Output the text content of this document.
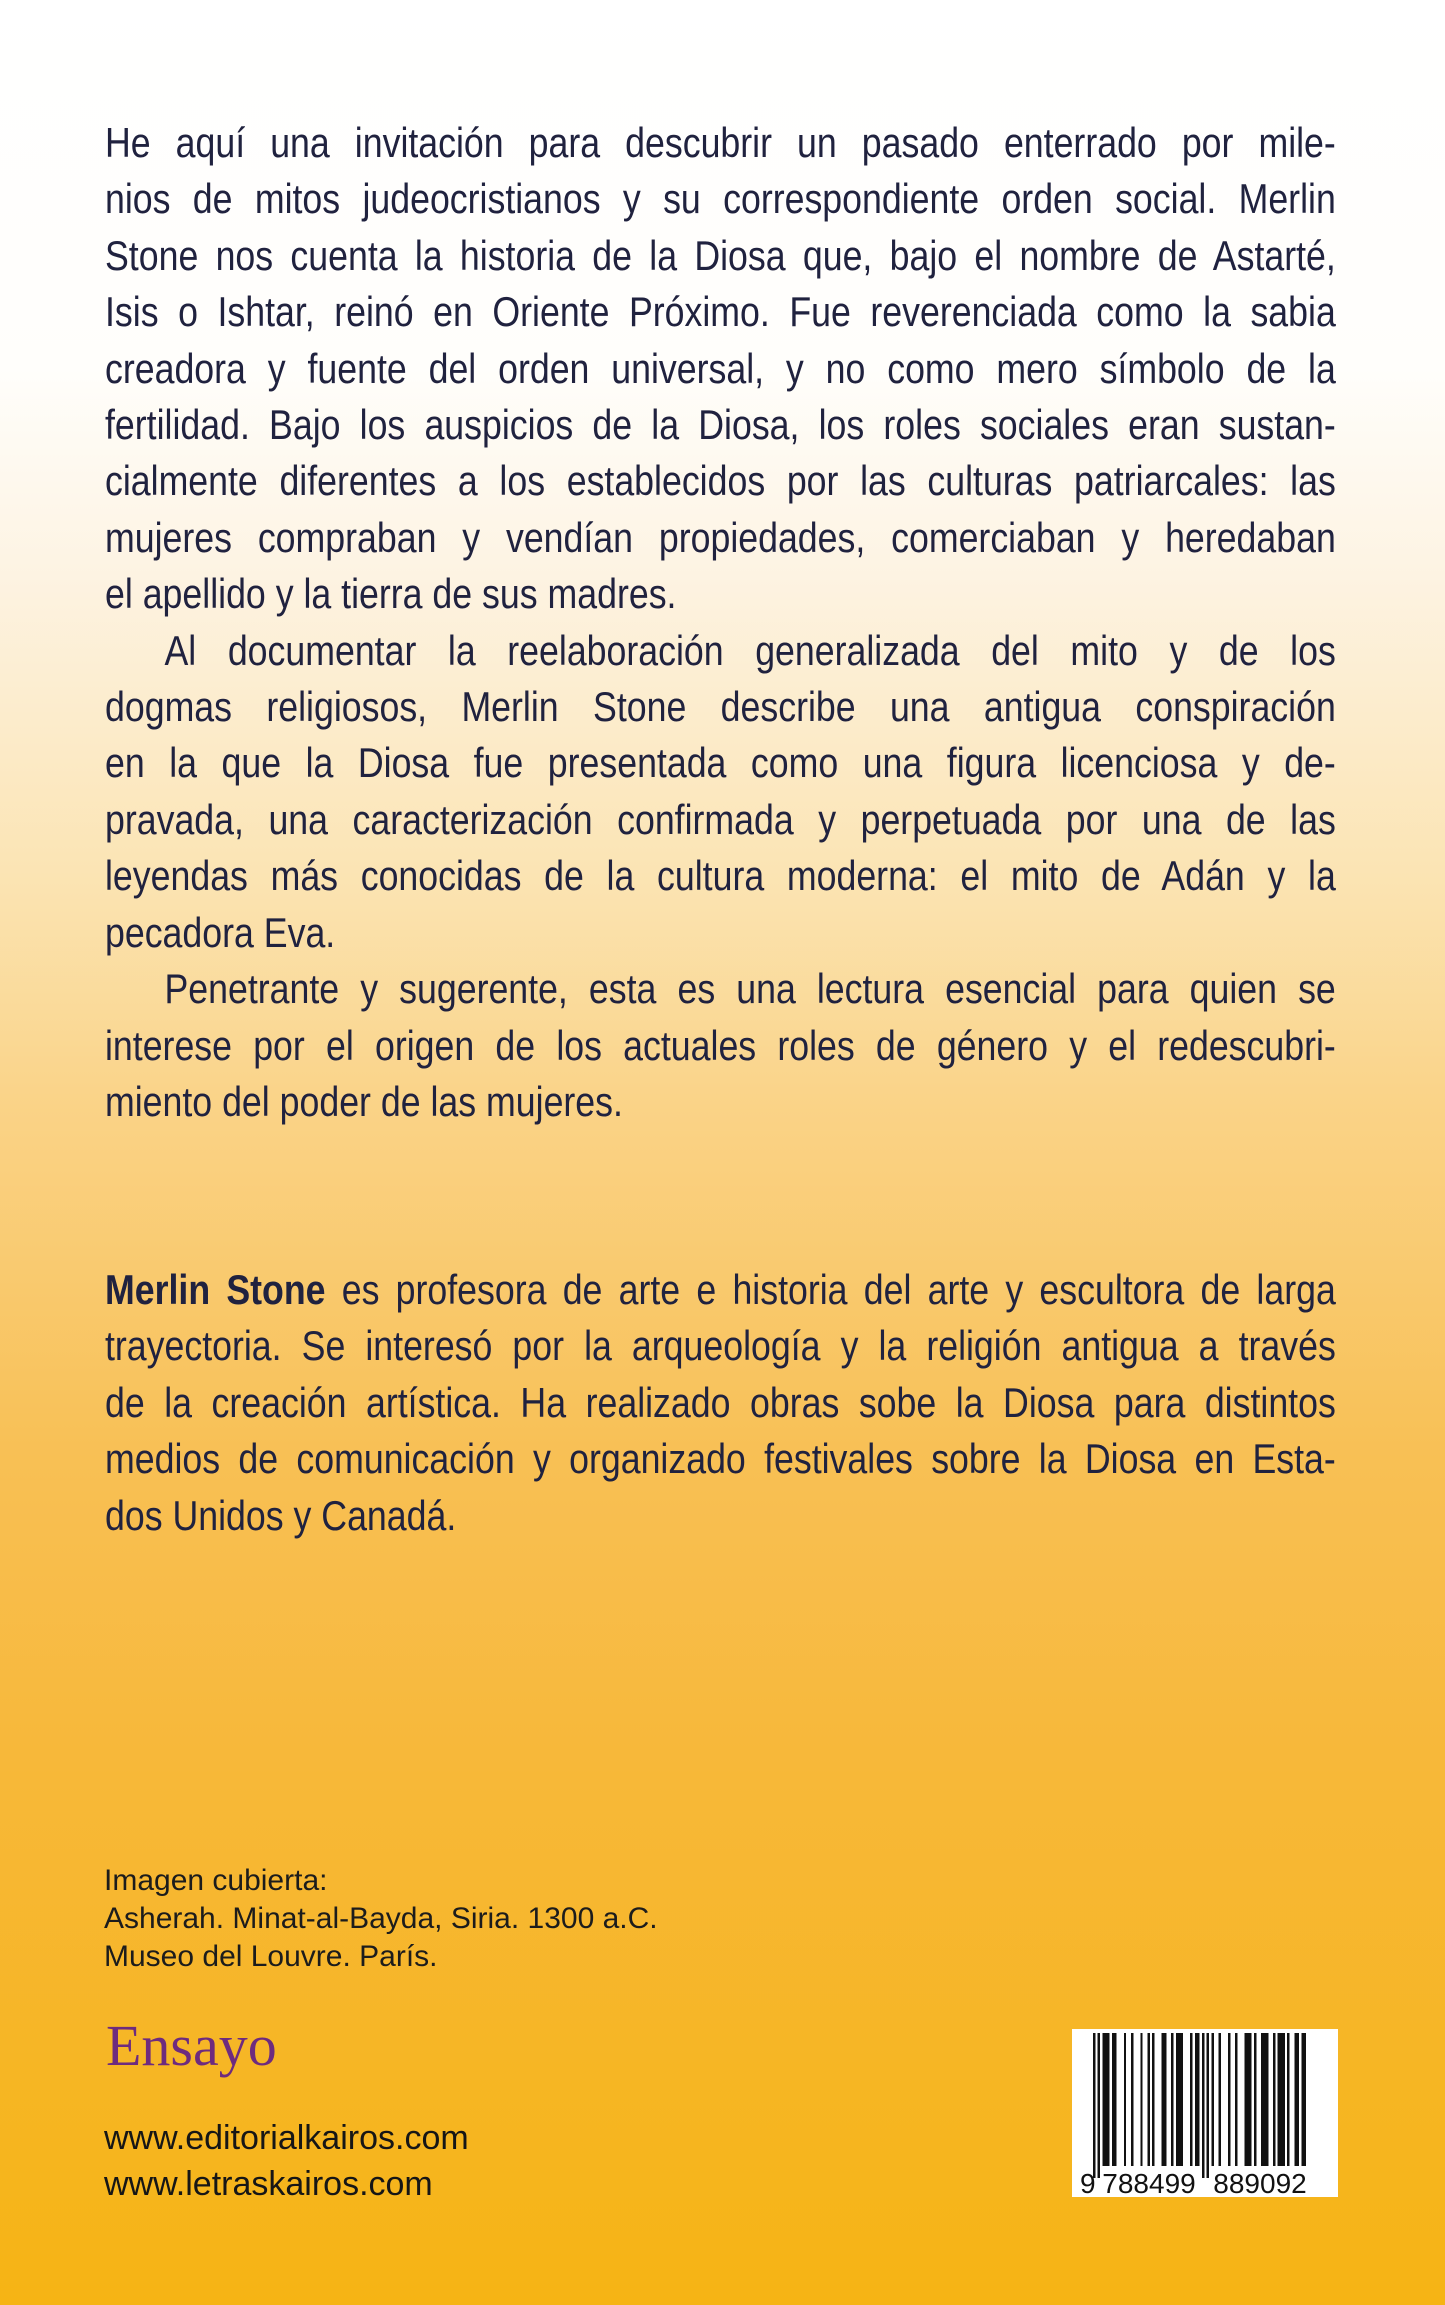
He aquí una invitación para descubrir un pasado enterrado por mile-
nios de mitos judeocristianos y su correspondiente orden social. Merlin
Stone nos cuenta la historia de la Diosa que, bajo el nombre de Astarté,
Isis o Ishtar, reinó en Oriente Próximo. Fue reverenciada como la sabia
creadora y fuente del orden universal, y no como mero símbolo de la
fertilidad. Bajo los auspicios de la Diosa, los roles sociales eran sustan-
cialmente diferentes a los establecidos por las culturas patriarcales: las
mujeres compraban y vendían propiedades, comerciaban y heredaban
el apellido y la tierra de sus madres.
Al documentar la reelaboración generalizada del mito y de los
dogmas religiosos, Merlin Stone describe una antigua conspiración
en la que la Diosa fue presentada como una figura licenciosa y de-
pravada, una caracterización confirmada y perpetuada por una de las
leyendas más conocidas de la cultura moderna: el mito de Adán y la
pecadora Eva.
Penetrante y sugerente, esta es una lectura esencial para quien se
interese por el origen de los actuales roles de género y el redescubri-
miento del poder de las mujeres.
Merlin Stone es profesora de arte e historia del arte y escultora de larga
trayectoria. Se interesó por la arqueología y la religión antigua a través
de la creación artística. Ha realizado obras sobe la Diosa para distintos
medios de comunicación y organizado festivales sobre la Diosa en Esta-
dos Unidos y Canadá.
Imagen cubierta:
Asherah. Minat-al-Bayda, Siria. 1300 a.C.
Museo del Louvre. París.
Ensayo
www.editorialkairos.com
www.letraskairos.com	9 788499 889092
